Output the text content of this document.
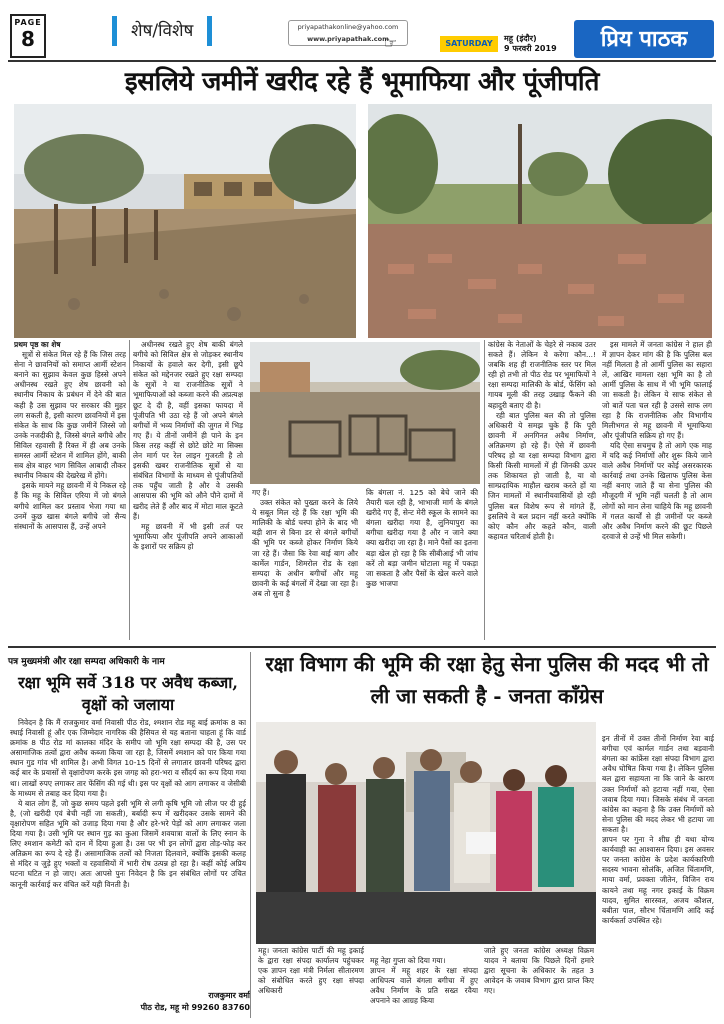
PAGE
8	शेष/विशेष	priyapathakonline@yahoo.com
www.priyapathak.com
☞	SATURDAY
महू (इंदौर)
9 फरवरी 2019	प्रिय पाठक
इसलिये जमीनें खरीद रहे हैं भूमाफिया और पूंजीपति

प्रथम पृष्ठ का शेष

सूत्रों से संकेत मिल रहे हैं कि जिस तरह सेना ने छावनियों को समाप्त आर्मी स्टेशन बनाने का सुझाव केवल कुछ हिस्से अपने अधीनस्थ रखते हुए शेष छावनी को स्थानीय निकाय के प्रबंधन में देने की बात कही है उस सुझाव पर सरकार की मुहर लग सकती है, इसी कारण छावनियों में इस संकेत के साथ कि कुछ जमीनें जिस्से जो उनके नजदीकी है, जिस्से बंगले बगीचे और सिविल रहवासी हैं रिक्त में ही अब उनके समस्त आर्मी स्टेशन में शामिल होंगे, बाकी सब क्षेत्र बाहर भाग सिविल आबादी तौकर स्थानीय निकाय की देखरेख में होंगे।

इसके मायने महू छावनी में ये निकल रहे हैं कि महू के सिविल एरिया में जो बंगले बगीचे शामिल कर प्रस्ताव भेजा गया था उनमें कुछ खास बंगले बगीचे जो सैन्य संस्थानों के आसपास हैं, उन्हें अपने

अधीनस्थ रखते हुए शेष बाकी बंगले बगीचे को सिविल क्षेत्र से जोड़कर स्थानीय निकायों के हवाले कर देगी, इसी छूपे संकेत को मद्देनजर रखते हुए रक्षा सम्पदा के सूत्रों ने या राजनीतिक सूत्रों ने भूमाफियाओं को कब्जा करने की अप्रत्यक्ष छूट दे दी है, वहीं इसका फायदा में पूंजीपति भी उठा रहे हैं जो अपने बंगले बगीचों में भव्य निर्माणों की जुगत में भिड़ गए हैं। ये तीनों जमीनें ही पाने के इन किस तरह कहीं से छोटे छोटे मा सिक्स लेन मार्ग पर रेल लाइन गुजरती है तो इसकी खबर राजनीतिक सूत्रों से या संबंधित विभागों के माध्यम से पूंजीपतियों तक पहुँच जाती है और वे उसकी आसपास की भूमि को औने पौने दामों में खरीद लेते हैं और बाद में मोटा माल कूटते हैं।

महू छावनी में भी इसी तर्ज पर भूमाफिया और पूंजीपति अपने आकाओं के इशारों पर सक्रिय हो

गए हैं।

उक्त संकेत को पुख्ता करने के लिये ये सबूत मिल रहे हैं कि रक्षा भूमि की मालिकी के बोर्ड चस्पा होने के बाद भी बड़ी शान से बिना डर से बंगले बगीचों की भूमि पर कब्जे होकर निर्माण किये जा रहे हैं। जैसा कि रेवा बाई बाग और कार्मेल गार्डन, शिमरोल रोड के रक्षा सम्पदा के अधीन बगीचों और महू छावनी के कई बंगलों में देखा जा रहा है। अब तो सुना है

कि बंगला नं. 125 को बेचे जाने की तैयारी चल रही है, भाभाजी मार्ग के बंगले खरीदे गए हैं, सेन्ट मेरी स्कूल के सामने का बंगला खरीदा गया है, लुनियापुरा का बगीचा खरीदा गया है और न जाने क्या क्या खरीदा जा रहा है। माने पैसों का इतना बड़ा खेल हो रहा है कि सीबीआई भी जांच करें तो बड़ा जमीन घोटाला महू में पकड़ा जा सकता है और पैसों के खेल करने वाले कुछ भाजपा

कांग्रेस के नेताओं के चेहरे से नकाब उतर सकते हैं। लेकिन ये करेगा कौन...! जबकि शह ही राजनीतिक स्तर पर मिल रही हो तभी तो पीठ रोड पर भूमाफियों ने रक्षा सम्पदा मालिकी के बोर्ड, फेंसिंग को गायब मूली की तरह उखाड़ फैंकने की बहादुरी बताए दी है।

रही बात पुलिस बल की तो पुलिस अधिकारी ये समझ चुके हैं कि पूरी छावनी में अनगिनत अवैध निर्माण, अतिक्रमण हो रहे हैं। ऐसे में छावनी परिषद हो या रक्षा सम्पदा विभाग द्वारा किसी किसी मामलों में ही जिनकी ऊपर तक शिकायत हो जाती है, या वो साम्प्रदायिक माहौल खराब करते हों या जिन मामलों में स्थानीयवासियों हो रही पुलिस बल विशेष रूप से मांगते हैं, इसलिये वे बल प्रदान नहीं करते क्योंकि कोए कौन और कहते कौन, वाली कहावत चरितार्थ होती है।

इस मामले में जनता कांग्रेस ने हाल ही में ज्ञापन देकर मांग की है कि पुलिस बल नहीं मिलता है तो आर्मी पुलिस का सहारा लें, आखिर मामला रक्षा भूमि का है तो आर्मी पुलिस के साथ में भी भूमि फालाई जा सकती है। लेकिन ये साफ संकेत से जो बातें पता चल रही है उससे साफ लग रहा है कि राजनीतिक और विभागीय मिलीभगत से महू छावनी में भूमाफिया और पूंजीपति सक्रिय हो गए हैं।

यदि ऐसा सचमुच है तो आगे एक माह में यदि कई निर्माणों और शुरू किये जाने वाले अवैध निर्माणों पर कोई असरकारक कार्रवाई तथा उनके खिलाफ पुलिस केस नहीं बनाए जाते हैं या सेना पुलिस की मौजूदगी में भूमि नहीं चलती है तो आम लोगों को मान लेना चाहिये कि महू छावनी में गलत कार्यों से ही जमीनों पर कब्जे और अवैध निर्माण करने की छूट पिछले दरवाजे से उन्हें भी मिल सकेगी।

पत्र मुख्यमंत्री और रक्षा सम्पदा अधिकारी के नाम
रक्षा भूमि सर्वे 318 पर अवैध कब्जा, वृक्षों को जलाया

निवेदन है कि मैं राजकुमार वर्मा निवासी पीठ रोड, श्मशान रोड महू बाई क्रमांक 8 का स्थाई निवासी हूं और एक जिम्मेदार नागरिक की हैसियत से यह बताना चाहता हूं कि वार्ड क्रमांक 8 पीठ रोड मां कालका मंदिर के समीप जो भूमि रक्षा सम्पदा की है, उस पर असामाजिक तत्वों द्वारा अवैध कब्जा किया जा रहा है, जिसमें श्मशान को पार किया गया स्थान गुड गांव भी शामिल है। अभी विगत 10-15 दिनों से लगातार छावनी परिषद द्वारा कई बार के प्रयासों से वृक्षारोपण करके इस जगह को हरा-भरा व सौंदर्य का रूप दिया गया था। लाखों रुपए लगाकर तार फेंसिंग की गई थी। इस पर वृक्षों को आग लगाकर व जेसीबी के माध्यम से तबाह कर दिया गया है।

ये बात लोग हैं, जो कुछ समय पहले इसी भूमि से लगी कृषि भूमि जो लीज पर दी हुई है, (जो खरीदी एवं बेची नहीं जा सकती), बर्बादी रूप में खरीदकर उसके सामने की वृक्षारोपण सहित भूमि को उजाड़ दिया गया है और हरे-भरे पेड़ों को आग लगाकर जला दिया गया है। उसी भूमि पर स्थान गुड़ का कुआ जिसमें शवयात्रा वालों के लिए स्नान के लिए श्मशान कमेटी को दान में दिया हुआ है। उस पर भी इन लोगों द्वारा तोड़-फोड़ कर अतिक्रम का रूप दे रहे हैं। असामाजिक तत्वों को निजता दिलवाने, क्योंकि इसकी कलह से मंदिर व जुड़े हुए भक्तों व रहवासियों में भारी रोष उत्पन्न हो रहा है। कहीं कोई अप्रिय घटना घटित न हो जाए। अतः आपसे पुनः निवेदन है कि इन संबंधित लोगों पर उचित कानूनी कार्रवाई कर वंचित करें यही विनती है।

राजकुमार वर्मा
पीठ रोड, महू मो 99260 83760
रक्षा विभाग की भूमि की रक्षा हेतु सेना पुलिस की मदद भी तो ली जा सकती है - जनता कॉंग्रेस

महू। जनता कांग्रेस पार्टी की महू इकाई के द्वारा रक्षा संपदा कार्यालय पहुंचकर एक ज्ञापन रक्षा मंत्री निर्मला सीतारमण को संबोधित करते हुए रक्षा संपदा अधिकारी

महू नेहा गुप्ता को दिया गया।
ज्ञापन में महू शहर के रक्षा संपदा आधिपत्य वाले बंगला बगीचा में हुए अवैध निर्माण के प्रति सख्त रवैया अपनाने का आग्रह किया

जाते हुए जनता कांग्रेस अध्यक्ष विक्रम यादव ने बताया कि पिछले दिनों हमारे द्वारा सूचना के अधिकार के तहत 3 आवेदन के जवाब विभाग द्वारा प्राप्त किए गए।

इन तीनों में उक्त तीनों निर्माण रेवा बाई बगीचा एवं कार्मल गार्डन तथा बड़वानी बंगला का कांफ्रेंस रक्षा संपदा विभाग द्वारा अवैध घोषित किया गया है। लेकिन पुलिस बल द्वारा सहायता ना कि जाने के कारण उक्त निर्माणों को हटाया नहीं गया, ऐसा जवाब दिया गया। जिसके संबंध में जनता कांग्रेस का कहना है कि उक्त निर्माणों को सेना पुलिस की मदद लेकर भी हटाया जा सकता है।
ज्ञापन पर गुना ने शीघ्र ही यथा योग्य कार्यवाही का आश्वासन दिया। इस अवसर पर जनता कांग्रेस के प्रदेश कार्यकारिणी सदस्य भावना सोलंकि, अजित चिंतामणि, माया वर्मा, प्रवक्ता जीतेन, विजिन राय कायने तथा महू नगर इकाई के विक्रम यादव, सुमित सारस्वत, अजय कौशल, बबीता पाल, सौरभ चिंतामणि आदि कई कार्यकर्ता उपस्थित रहे।
